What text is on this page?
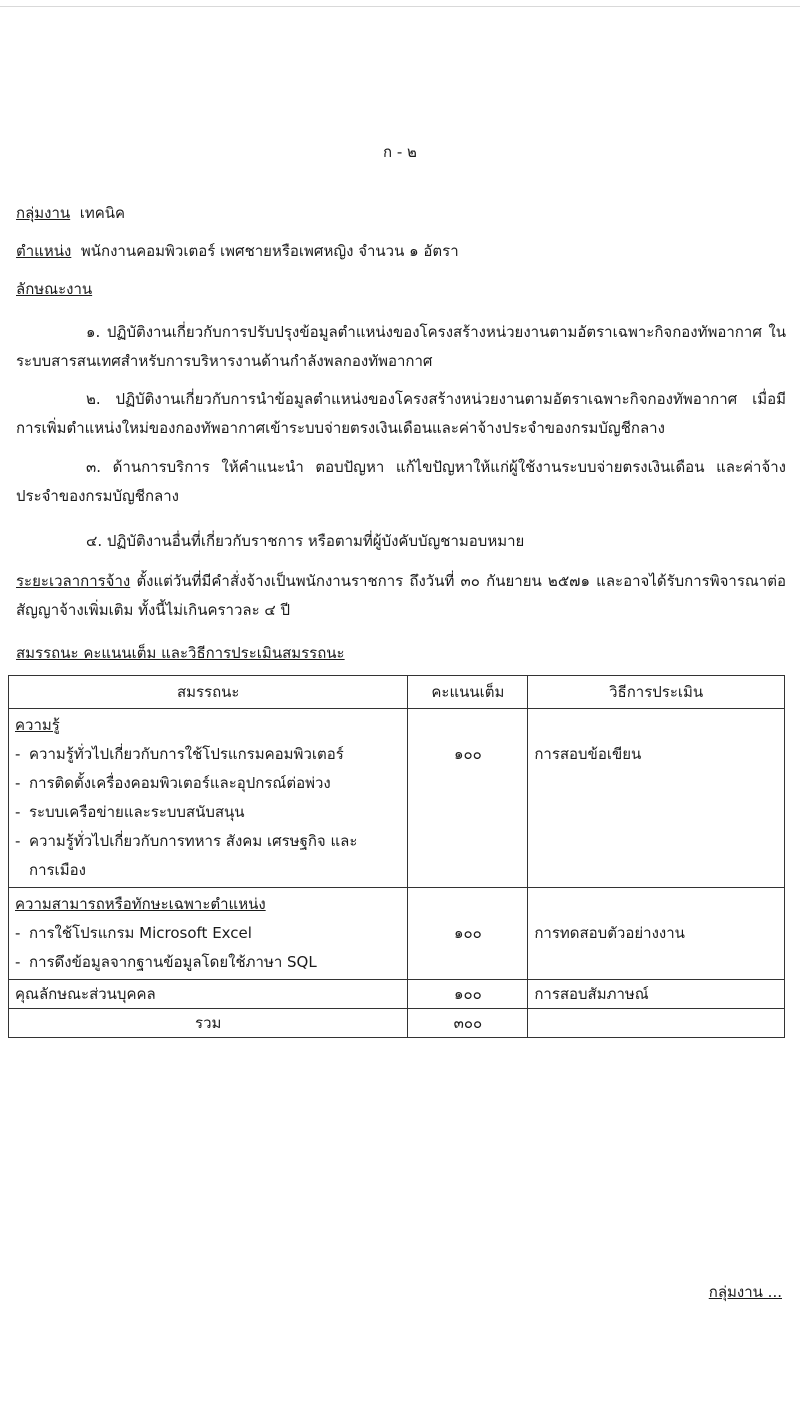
ก - ๒
กลุ่มงาน เทคนิค
ตำแหน่ง พนักงานคอมพิวเตอร์ เพศชายหรือเพศหญิง จำนวน ๑ อัตรา
ลักษณะงาน
๑. ปฏิบัติงานเกี่ยวกับการปรับปรุงข้อมูลตำแหน่งของโครงสร้างหน่วยงานตามอัตราเฉพาะกิจกองทัพอากาศ ในระบบสารสนเทศสำหรับการบริหารงานด้านกำลังพลกองทัพอากาศ
๒. ปฏิบัติงานเกี่ยวกับการนำข้อมูลตำแหน่งของโครงสร้างหน่วยงานตามอัตราเฉพาะกิจกองทัพอากาศ เมื่อมีการเพิ่มตำแหน่งใหม่ของกองทัพอากาศเข้าระบบจ่ายตรงเงินเดือนและค่าจ้างประจำของกรมบัญชีกลาง
๓. ด้านการบริการ ให้คำแนะนำ ตอบปัญหา แก้ไขปัญหาให้แก่ผู้ใช้งานระบบจ่ายตรงเงินเดือน และค่าจ้างประจำของกรมบัญชีกลาง
๔. ปฏิบัติงานอื่นที่เกี่ยวกับราชการ หรือตามที่ผู้บังคับบัญชามอบหมาย
ระยะเวลาการจ้าง ตั้งแต่วันที่มีคำสั่งจ้างเป็นพนักงานราชการ ถึงวันที่ ๓๐ กันยายน ๒๕๗๑ และอาจได้รับการพิจารณาต่อสัญญาจ้างเพิ่มเติม ทั้งนี้ไม่เกินคราวละ ๔ ปี
สมรรถนะ คะแนนเต็ม และวิธีการประเมินสมรรถนะ
สมรรถนะ	คะแนนเต็ม	วิธีการประเมิน

ความรู้
- ความรู้ทั่วไปเกี่ยวกับการใช้โปรแกรมคอมพิวเตอร์
- การติดตั้งเครื่องคอมพิวเตอร์และอุปกรณ์ต่อพ่วง
- ระบบเครือข่ายและระบบสนับสนุน
- ความรู้ทั่วไปเกี่ยวกับการทหาร สังคม เศรษฐกิจ และการเมือง	๑๐๐	การสอบข้อเขียน

ความสามารถหรือทักษะเฉพาะตำแหน่ง
- การใช้โปรแกรม Microsoft Excel
- การดึงข้อมูลจากฐานข้อมูลโดยใช้ภาษา SQL	๑๐๐	การทดสอบตัวอย่างงาน

คุณลักษณะส่วนบุคคล	๑๐๐	การสอบสัมภาษณ์
รวม	๓๐๐	
กลุ่มงาน ...
